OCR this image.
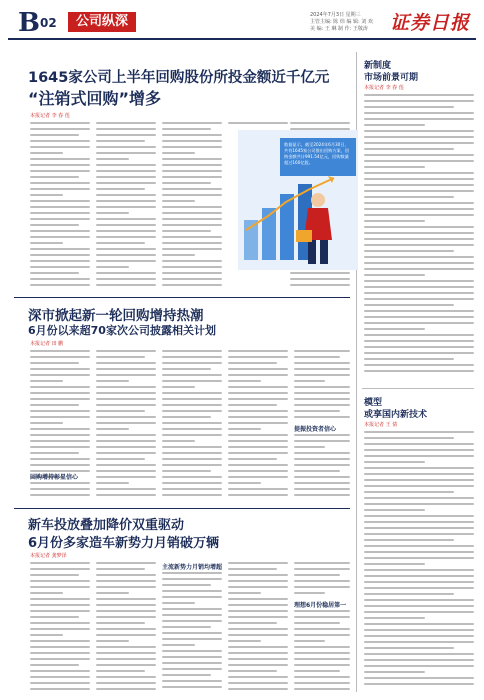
B 02	公司纵深	2024年7月3日 星期三
主管主编: 陈 炜 编 辑: 刘 欢
美 编: 王 琳 制 作: 王敬涛	证券日报
1645家公司上半年回购股份所投金额近千亿元
“注销式回购”增多
本报记者 李 春 莲
数据显示，截至2024年6月30日，共有1645家公司推出回购方案，回购金额共计991.54亿元，回购数量超过160亿股。
深市掀起新一轮回购增持热潮
6月份以来超70家次公司披露相关计划
本报记者 田 鹏
回购增持彰显信心
提振投资者信心
新车投放叠加降价双重驱动
6月份多家造车新势力月销破万辆
本报记者 龚梦泽
主流新势力月销均增超
理想6月份稳居第一
新制度
市场前景可期
本报记者 李 春 莲
模型
或享国内新技术
本报记者 王 倩
